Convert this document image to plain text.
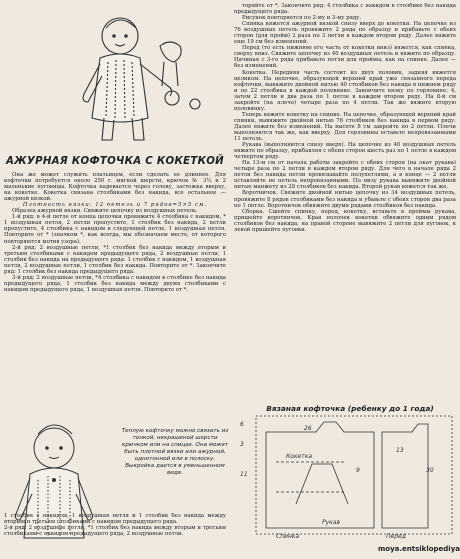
АЖУРНАЯ КОФТОЧКА С КОКЕТКОЙ

Она же может служить платьицем, если сделать ее длиннее. Для кофточки потребуется около 250 г. мягкой шерсти, крючок № 3½ и 2 маленькие пуговицы. Кофточка надевается через голову, застежка вверху, на кокетке. Кокетка связана столбиками без накида, все остальное — ажурной вязкой.

Плотность вязки: 12 петель и 7 рядов=5×5 см.

Образец ажурной вязки. Свяжите цепочку из воздушных петель.

1-й ряд: в 4-й петле от конца цепочки провяжите 4 столбика с накидом, * 1 воздушная петля, 2 петли пропустите, 1 столбик без накида, 2 петли пропустите, 4 столбика с накидом в следующей петле, 1 воздушная петля. Повторите от * (значком *, как всегда, мы обозначаем место, от которого повторяются мотив узора).

2-й ряд: 2 воздушные петли, *1 столбик без накида между вторым и третьим столбиками с накидом предыдущего ряда, 2 воздушные петли, 1 столбик без накида на предыдущего ряда: 1 столбик с накидом, 1 воздушная петля, 2 воздушные петли, 1 столбик без накида. Повторите от *. Закончите ряд: 1 столбик без накида предыдущего ряда.

3-й ряд: 2 воздушные петли, *4 столбика с накидом в столбике без накида предыдущего ряда, 1 столбик без накида между двумя столбиками с накидом предыдущего ряда, 1 воздушная петля. Повторите от *.

Теплую кофточку можно связать из тонкой, некрашеной шерсти крючком или на спицах. Она может быть плотной вязки или ажурной, однотонной или в полоску. Выкройка дается в уменьшенном виде.

1 столбик с накидом, 1 воздушная петля и 1 столбик без накида между вторым и третьим столбиками с накидом предыдущего ряда.

2-й ряд: 2 воздушные петли, *1 столбик без накида между вторым и третьим столбиками с накидом предыдущего ряда, 2 воздушные петли.

торяйте от *. Закончите ряд: 4 столбика с накидом в столбике без накида предыдущего ряда.

Рисунок повторяется по 2-му и 3-му ряду.

Спинка вяжется ажурной вязкой снизу вверх до кокетки. На цепочке из 76 воздушных петель провяжите 2 ряда по образцу и прибавьте с обеих сторон (для пройм) 2 раза по 3 петли в каждом втором ряду. Далее вяжите еще 19 см без изменений.

Перед (то есть нижнюю его часть от кокетки вниз) вяжется, как спинка, сверху вниз. Свяжите цепочку из 40 воздушных петель и вяжите по образцу. Начиная с 3-го ряда прибавьте петли для проймы, как на спинке. Далее — без изменений.

Кокетка. Передняя часть состоит из двух половин, задняя вяжется целиком. На цепочке, образующей верхний край уже связанного переда кофточки, вывяжите двойной нитью 40 столбиков без накида в нижнем ряду и по 22 столбика в каждой половинке. Закончите вязку по горловине: 4, затем 2 петли и два раза по 1 петле в каждом втором ряду. На 8-й см закройте (на плечо) четыре раза по 4 петли. Так же вяжите вторую половинку.

Теперь вяжите кокетку на спинке. На цепочке, образующей верхний край спинки, вывяжите двойной нитью 76 столбиков без накида в первом ряду. Далее вяжите без изменений. На высоте 8 см закройте по 2 петли. Плечи выполняются так же, как вверху. Для горловины оставьте непровязанными 11 петель.

Рукава (выполняются снизу вверх). На цепочке из 40 воздушных петель вяжите по образцу, прибавляя с обеих сторон шесть раз по 1 петле в каждом четвертом ряду.

На 13-м см от начала работы закройте с обеих сторон (на окат рукава) четыре раза по 2 петли в каждом втором ряду. Для чего в начале ряда 2 петли без накида петли провязывайте полупетлями, а в конце — 2 петли оставляйте не петель непровязанными. По низу рукава вывяжите двойной нитью манжету из 28 столбиков без накида. Второй рукав вяжется так же.

Воротничок. Свяжите двойной нитью цепочку из 34 воздушных петель, провяжите 8 рядов столбиками без накида и убавьте с обеих сторон два раза по 1 петле. Воротничок обвяжите двумя рядами столбиков без накида.

Сборка. Сшейте спинку, перед, кокетку, вставьте в проймы рукава, пришейте воротничок. Края полочек кокетки обвяжите одним рядом столбиков без накида, на правой стороне вывяжите 2 петли для пуговок, к левой пришейте пуговки.

Вязаная кофточка (ребенку до 1 года)
6
3
11
26
9	30
13
Спинка	Перед
Рукав
Кокетка
moya.entsiklopediya
